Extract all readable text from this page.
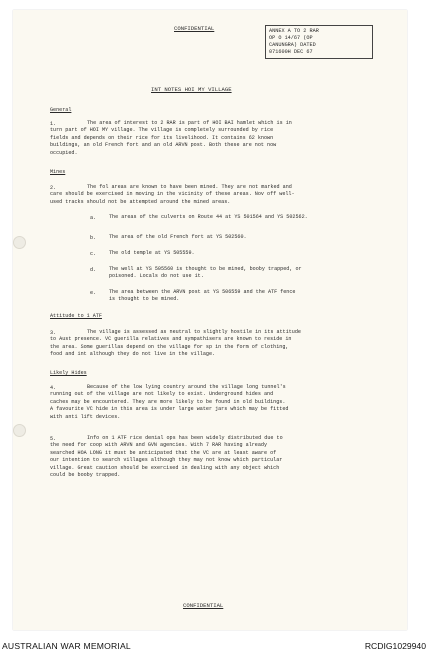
CONFIDENTIAL	ANNEX A TO 2 RAR
OP O 14/67 (OP
CANUNGRA) DATED
071600H DEC 67
INT NOTES HOI MY VILLAGE
General
1.	The area of interest to 2 RAR is part of HOI BAI hamlet which is in
turn part of HOI MY village. The village is completely surrounded by rice
fields and depends on their rice for its livelihood. It contains 62 known
buildings, an old French fort and an old ARVN post. Both these are not now
occupied.
Mines
2.	The fol areas are known to have been mined. They are not marked and
care should be exercised in moving in the vicinity of these areas. Nov off well-
used tracks should not be attempted around the mined areas.
a.	The areas of the culverts on Route 44 at YS 501564 and YS 502562.
b.	The area of the old French fort at YS 502560.
c.	The old temple at YS 505559.
d.	The well at YS 505560 is thought to be mined, booby trapped, or
poisoned. Locals do not use it.
e.	The area between the ARVN post at YS 506559 and the ATF fence
is thought to be mined.
Attitude to 1 ATF
3.	The village is assessed as neutral to slightly hostile in its attitude
to Aust presence. VC guerilla relatives and sympathisers are known to reside in
the area. Some guerillas depend on the village for sp in the form of clothing,
food and int although they do not live in the village.
Likely Hides
4.	Because of the low lying country around the village long tunnel's
running out of the village are not likely to exist. Underground hides and
caches may be encountered. They are more likely to be found in old buildings.
A favourite VC hide in this area is under large water jars which may be fitted
with anti lift devices.
5.	Info on 1 ATF rice denial ops has been widely distributed due to
the need for coop with ARVN and GVN agencies. With 7 RAR having already
searched HOA LONG it must be anticipated that the VC are at least aware of
our intention to search villages although they may not know which particular
village. Great caution should be exercised in dealing with any object which
could be booby trapped.
CONFIDENTIAL
AUSTRALIAN WAR MEMORIAL	RCDIG1029940
